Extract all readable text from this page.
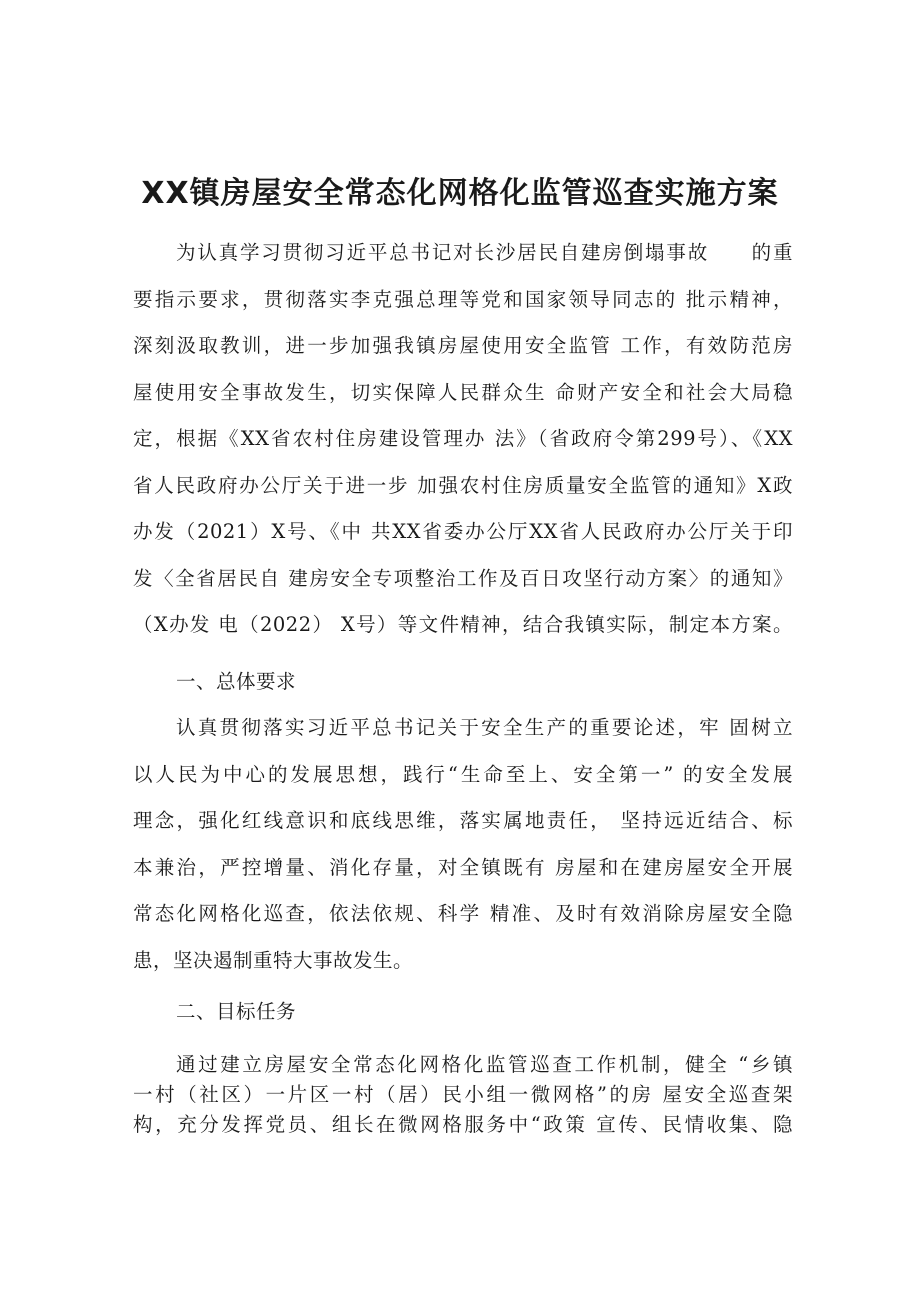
XX镇房屋安全常态化网格化监管巡查实施方案
为认真学习贯彻习近平总书记对长沙居民自建房倒塌事故　　的重
要指示要求，贯彻落实李克强总理等党和国家领导同志的 批示精神，
深刻汲取教训，进一步加强我镇房屋使用安全监管 工作，有效防范房
屋使用安全事故发生，切实保障人民群众生 命财产安全和社会大局稳
定，根据《XX省农村住房建设管理办 法》（省政府令第299号）、《XX
省人民政府办公厅关于进一步 加强农村住房质量安全监管的通知》X政
办发（2021）X号、《中 共XX省委办公厅XX省人民政府办公厅关于印
发〈全省居民自 建房安全专项整治工作及百日攻坚行动方案〉的通知》
（X办发 电（2022） X号）等文件精神，结合我镇实际，制定本方案。
一、总体要求
认真贯彻落实习近平总书记关于安全生产的重要论述，牢 固树立
以人民为中心的发展思想，践行“生命至上、安全第一” 的安全发展
理念，强化红线意识和底线思维，落实属地责任， 坚持远近结合、标
本兼治，严控增量、消化存量，对全镇既有 房屋和在建房屋安全开展
常态化网格化巡查，依法依规、科学 精准、及时有效消除房屋安全隐
患，坚决遏制重特大事故发生。
二、目标任务
通过建立房屋安全常态化网格化监管巡查工作机制，健全 “乡镇
一村（社区）一片区一村（居）民小组一微网格”的房 屋安全巡查架
构，充分发挥党员、组长在微网格服务中“政策 宣传、民情收集、隐
